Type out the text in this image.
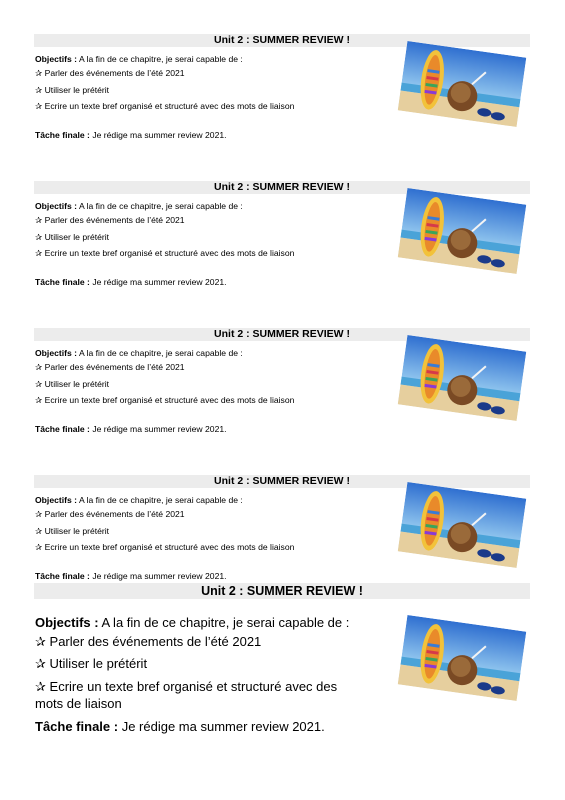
Unit 2 : SUMMER REVIEW !
Objectifs : A la fin de ce chapitre, je serai capable de :
✰ Parler des événements de l’été 2021
✰ Utiliser le prétérit
✰ Ecrire un texte bref organisé et structuré avec des mots de liaison
Tâche finale : Je rédige ma summer review 2021.
Unit 2 : SUMMER REVIEW !
Objectifs : A la fin de ce chapitre, je serai capable de :
✰ Parler des événements de l’été 2021
✰ Utiliser le prétérit
✰ Ecrire un texte bref organisé et structuré avec des mots de liaison
Tâche finale : Je rédige ma summer review 2021.
Unit 2 : SUMMER REVIEW !
Objectifs : A la fin de ce chapitre, je serai capable de :
✰ Parler des événements de l’été 2021
✰ Utiliser le prétérit
✰ Ecrire un texte bref organisé et structuré avec des mots de liaison
Tâche finale : Je rédige ma summer review 2021.
Unit 2 : SUMMER REVIEW !
Objectifs : A la fin de ce chapitre, je serai capable de :
✰ Parler des événements de l’été 2021
✰ Utiliser le prétérit
✰ Ecrire un texte bref organisé et structuré avec des mots de liaison
Tâche finale : Je rédige ma summer review 2021.
Unit 2 : SUMMER REVIEW !
Objectifs : A la fin de ce chapitre, je serai capable de :
✰ Parler des événements de l’été 2021
✰ Utiliser le prétérit
✰ Ecrire un texte bref organisé et structuré avec des mots de liaison
Tâche finale : Je rédige ma summer review 2021.
